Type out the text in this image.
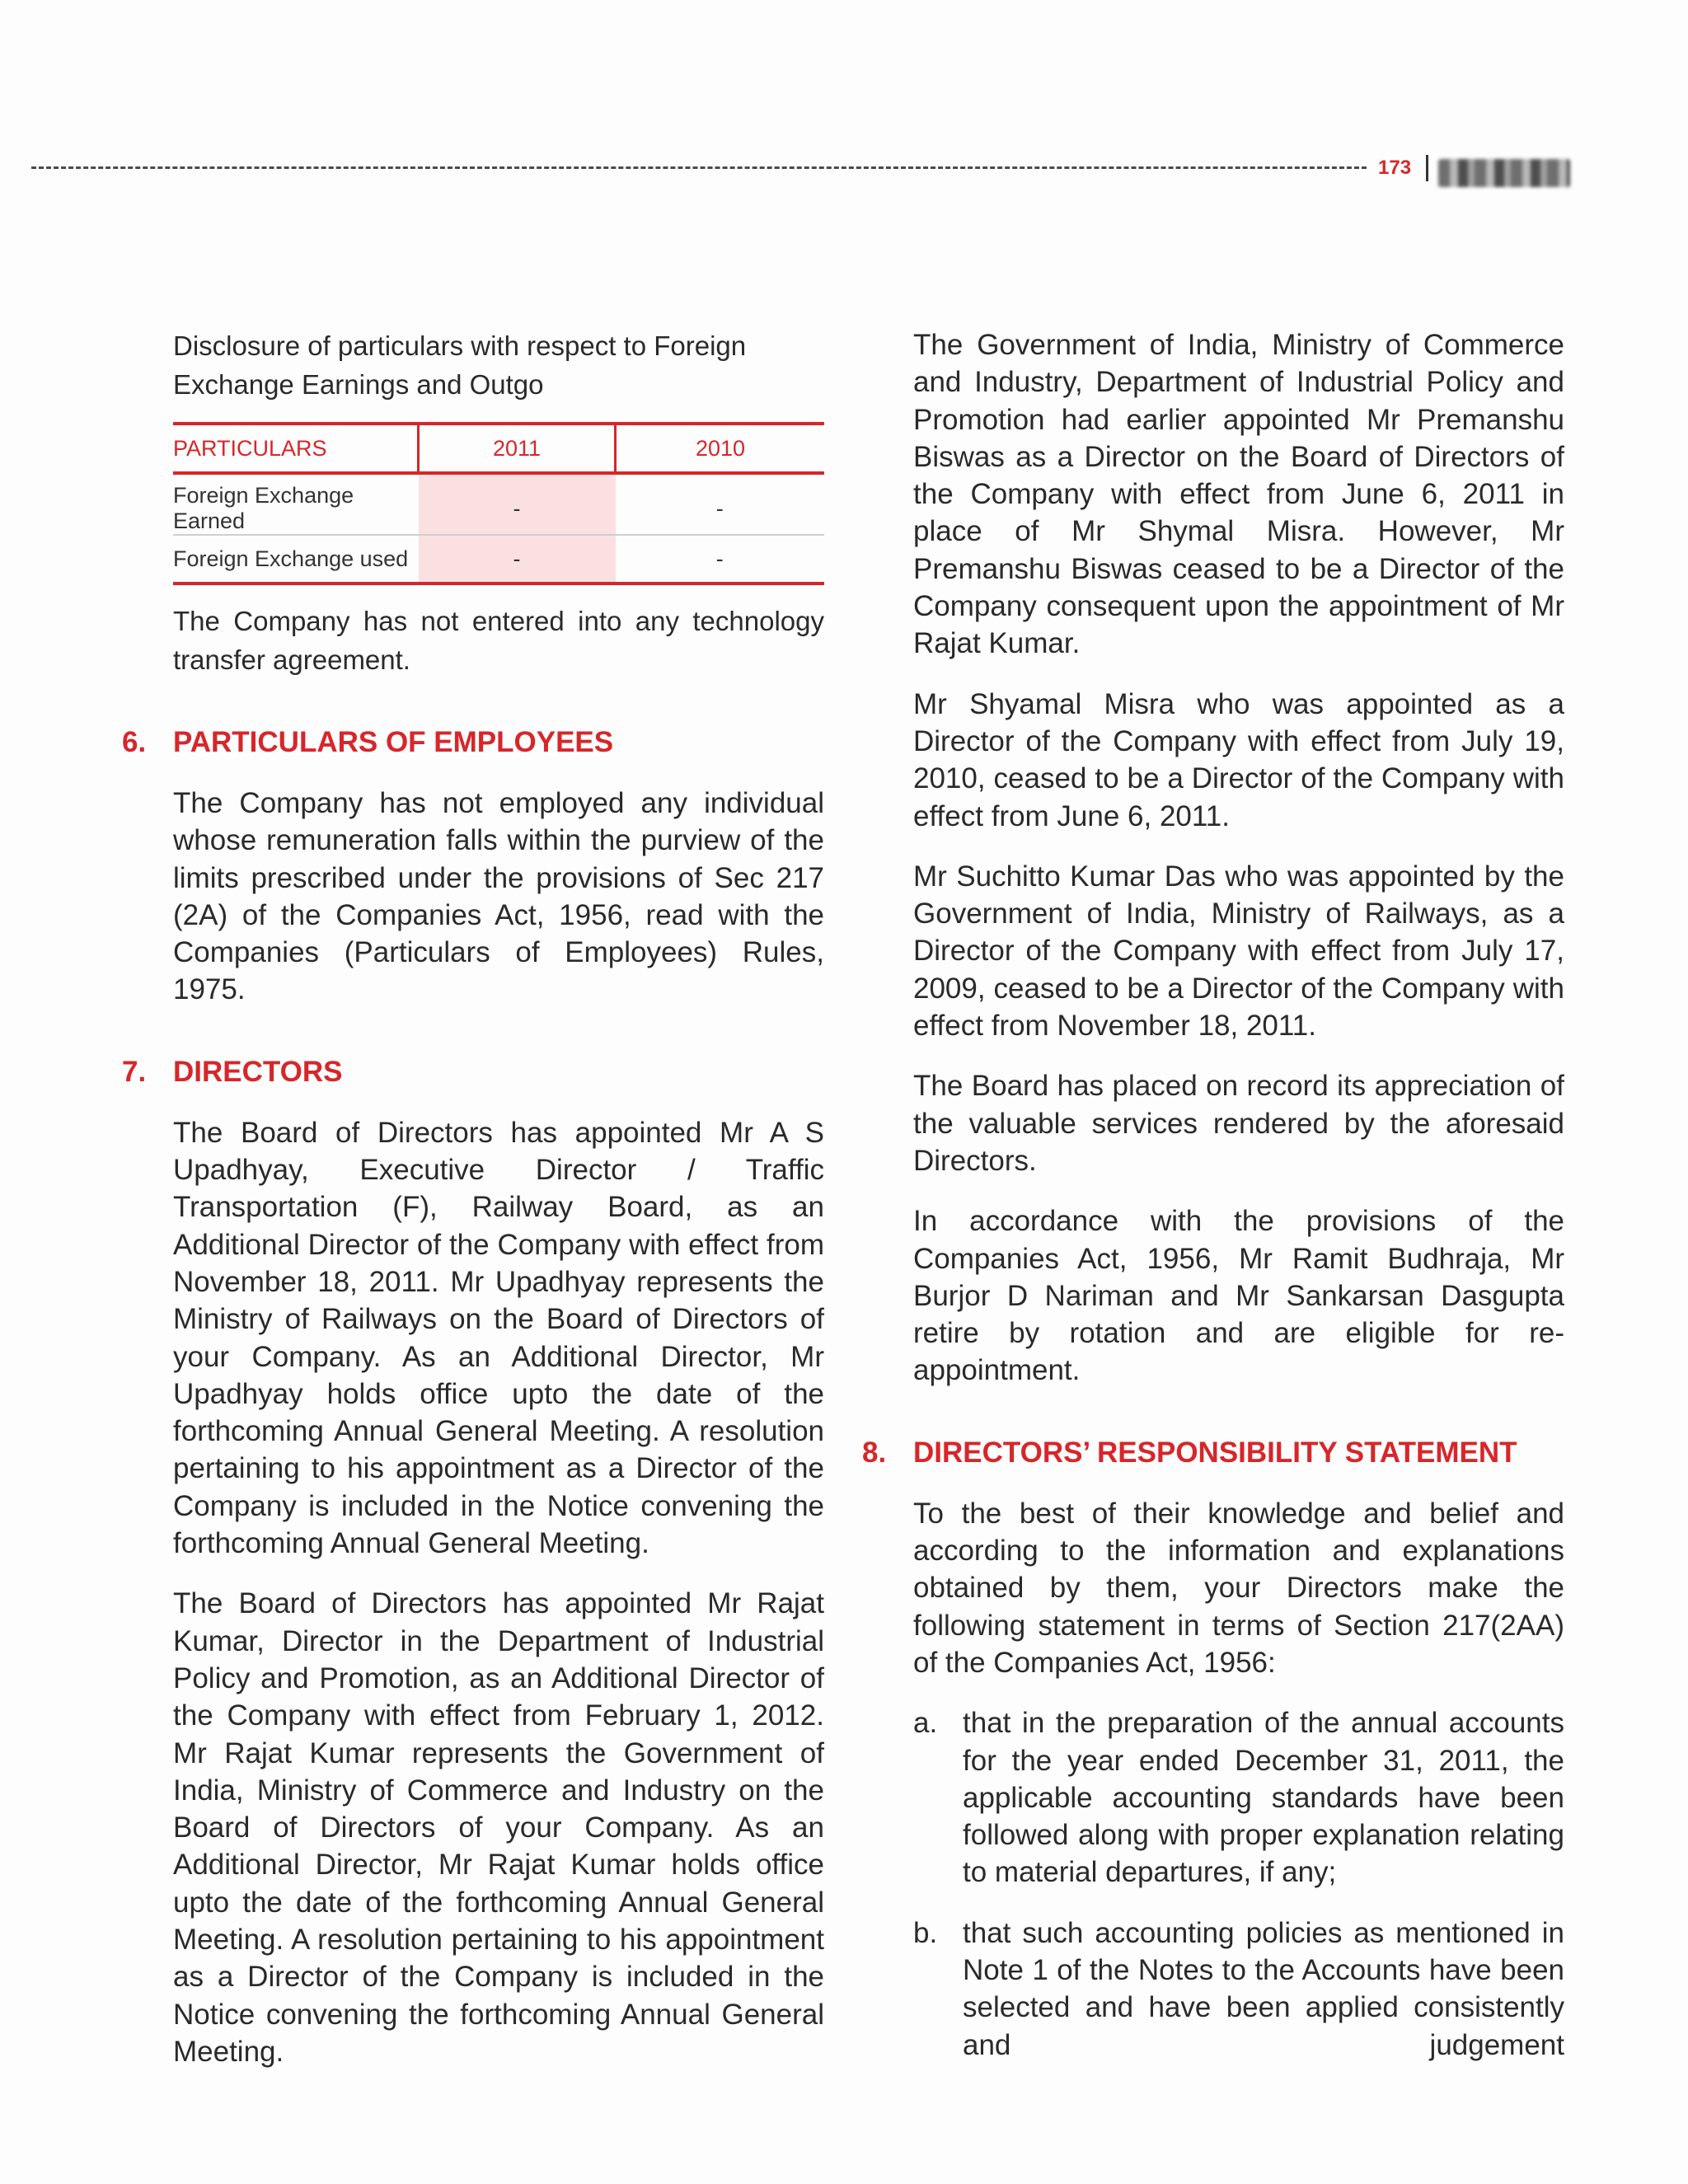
173

Disclosure of particulars with respect to Foreign Exchange Earnings and Outgo

PARTICULARS	2011	2010

Foreign Exchange Earned	-	-
Foreign Exchange used	-	-

The Company has not entered into any technology transfer agreement.

6. PARTICULARS OF EMPLOYEES

The Company has not employed any individual whose remuneration falls within the purview of the limits prescribed under the provisions of Sec 217 (2A) of the Companies Act, 1956, read with the Companies (Particulars of Employees) Rules, 1975.

7. DIRECTORS

The Board of Directors has appointed Mr A S Upadhyay, Executive Director / Traffic Transportation (F), Railway Board, as an Additional Director of the Company with effect from November 18, 2011. Mr Upadhyay represents the Ministry of Railways on the Board of Directors of your Company. As an Additional Director, Mr Upadhyay holds office upto the date of the forthcoming Annual General Meeting. A resolution pertaining to his appointment as a Director of the Company is included in the Notice convening the forthcoming Annual General Meeting.

The Board of Directors has appointed Mr Rajat Kumar, Director in the Department of Industrial Policy and Promotion, as an Additional Director of the Company with effect from February 1, 2012. Mr Rajat Kumar represents the Government of India, Ministry of Commerce and Industry on the Board of Directors of your Company. As an Additional Director, Mr Rajat Kumar holds office upto the date of the forthcoming Annual General Meeting. A resolution pertaining to his appointment as a Director of the Company is included in the Notice convening the forthcoming Annual General Meeting.

The Government of India, Ministry of Commerce and Industry, Department of Industrial Policy and Promotion had earlier appointed Mr Premanshu Biswas as a Director on the Board of Directors of the Company with effect from June 6, 2011 in place of Mr Shymal Misra. However, Mr Premanshu Biswas ceased to be a Director of the Company consequent upon the appointment of Mr Rajat Kumar.

Mr Shyamal Misra who was appointed as a Director of the Company with effect from July 19, 2010, ceased to be a Director of the Company with effect from June 6, 2011.

Mr Suchitto Kumar Das who was appointed by the Government of India, Ministry of Railways, as a Director of the Company with effect from July 17, 2009, ceased to be a Director of the Company with effect from November 18, 2011.

The Board has placed on record its appreciation of the valuable services rendered by the aforesaid Directors.

In accordance with the provisions of the Companies Act, 1956, Mr Ramit Budhraja, Mr Burjor D Nariman and Mr Sankarsan Dasgupta retire by rotation and are eligible for re-appointment.

8. DIRECTORS’ RESPONSIBILITY STATEMENT

To the best of their knowledge and belief and according to the information and explanations obtained by them, your Directors make the following statement in terms of Section 217(2AA) of the Companies Act, 1956:

a. that in the preparation of the annual accounts for the year ended December 31, 2011, the applicable accounting standards have been followed along with proper explanation relating to material departures, if any;

b. that such accounting policies as mentioned in Note 1 of the Notes to the Accounts have been selected and have been applied consistently and judgement
